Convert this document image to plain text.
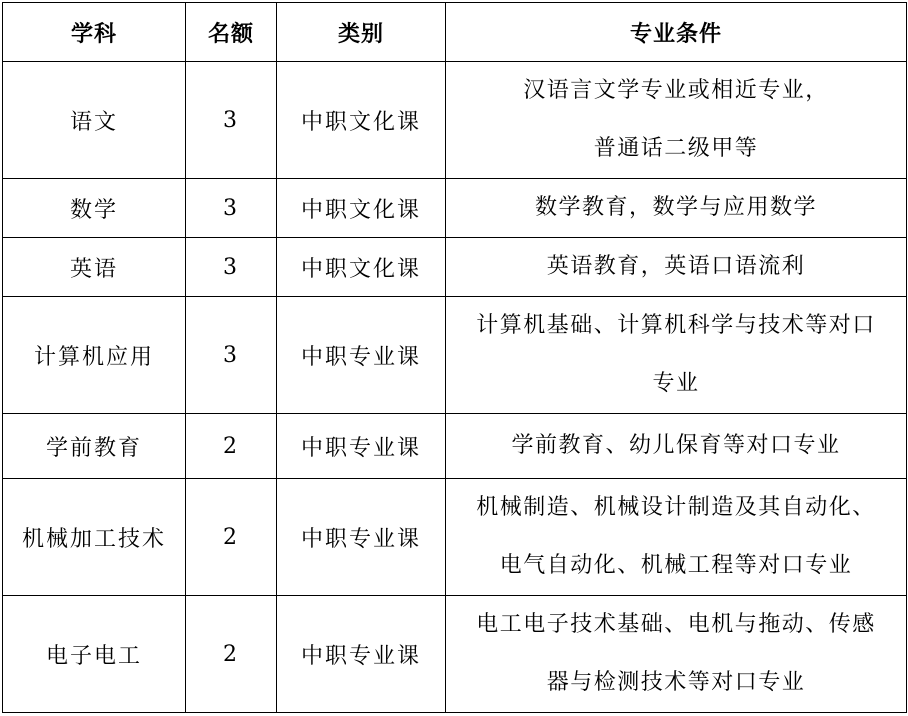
学科	名额	类别	专业条件
语文	3	中职文化课	汉语言文学专业或相近专业，
普通话二级甲等
数学	3	中职文化课	数学教育，数学与应用数学
英语	3	中职文化课	英语教育，英语口语流利
计算机应用	3	中职专业课	计算机基础、计算机科学与技术等对口
专业
学前教育	2	中职专业课	学前教育、幼儿保育等对口专业
机械加工技术	2	中职专业课	机械制造、机械设计制造及其自动化、
电气自动化、机械工程等对口专业
电子电工	2	中职专业课	电工电子技术基础、电机与拖动、传感
器与检测技术等对口专业
